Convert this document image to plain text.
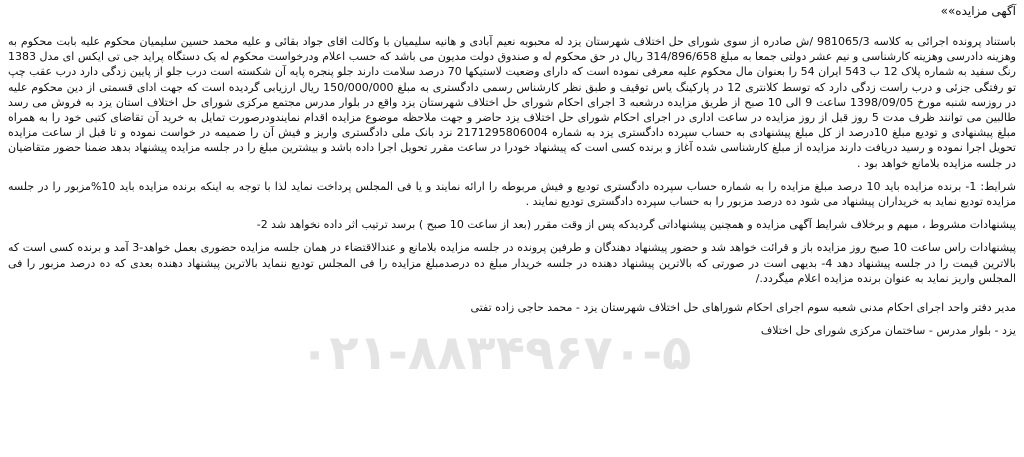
آگهی مزایده»»

باستناد پرونده اجرائی به کلاسه 981065/3 /ش صادره از سوی شورای حل اختلاف شهرستان یزد له محبوبه نعیم آبادی و هانیه سلیمیان با وکالت اقای جواد بقائی و علیه محمد حسین سلیمیان محکوم علیه بابت محکوم به وهزینه دادرسی وهزینه کارشناسی و نیم عشر دولتی جمعا به مبلغ 314/896/658 ریال در حق محکوم له و صندوق دولت مدیون می باشد که حسب اعلام ودرخواست محکوم له یک دستگاه پراید جی تی ایکس ای مدل 1383 رنگ سفید به شماره پلاک 12 ب 543 ایران 54 را بعنوان مال محکوم علیه معرفی نموده است که دارای وضعیت لاستیکها 70 درصد سلامت دارند جلو پنجره پایه آن شکسته است درب جلو از پایین زدگی دارد درب عقب چپ تو رفتگی جزئی و درب راست زدگی دارد که توسط کلانتری 12 در پارکینگ یاس توقیف و طبق نظر کارشناس رسمی دادگستری به مبلغ 150/000/000 ریال ارزیابی گردیده است که جهت ادای قسمتی از دین محکوم علیه در روزسه شنبه مورخ 1398/09/05 ساعت 9 الی 10 صبح از طریق مزایده درشعبه 3 اجرای احکام شورای حل اختلاف شهرستان یزد واقع در بلوار مدرس مجتمع مرکزی شورای حل اختلاف استان یزد به فروش می رسد طالبین می توانند ظرف مدت 5 روز قبل از روز مزایده در ساعت اداری در اجرای احکام شورای حل اختلاف یزد حاضر و جهت ملاحظه موضوع مزایده اقدام نمایندودرصورت تمایل به خرید آن تقاضای کتبی خود را به همراه مبلغ پیشنهادی و تودیع مبلغ 10درصد از کل مبلغ پیشنهادی به حساب سپرده دادگستری یزد به شماره 2171295806004 نزد بانک ملی دادگستری واریز و فیش آن را ضمیمه در خواست نموده و تا قبل از ساعت مزایده تحویل اجرا نموده و رسید دریافت دارند مزایده از مبلغ کارشناسی شده آغاز و برنده کسی است که پیشنهاد خودرا در ساعت مقرر تحویل اجرا داده باشد و بیشترین مبلغ را در جلسه مزایده پیشنهاد بدهد ضمنا حضور متقاضیان در جلسه مزایده بلامانع خواهد بود .

شرایط: 1- برنده مزایده باید 10 درصد مبلغ مزایده را به شماره حساب سپرده دادگستری تودیع و فیش مربوطه را ارائه نمایند و یا فی المجلس پرداخت نماید لذا با توجه به اینکه برنده مزایده باید 10%مزبور را در جلسه مزایده تودیع نماید به خریداران پیشنهاد می شود ده درصد مزبور را به حساب سپرده دادگستری تودیع نمایند .

پیشنهادات مشروط ، مبهم و برخلاف شرایط آگهی مزایده و همچنین پیشنهاداتی گردیدکه پس از وقت مقرر (بعد از ساعت 10 صبح ) برسد ترتیب اثر داده نخواهد شد 2-

پیشنهادات راس ساعت 10 صبح روز مزایده باز و قرائت خواهد شد و حضور پیشنهاد دهندگان و طرفین پرونده در جلسه مزایده بلامانع و عندالاقتضاء در همان جلسه مزایده حضوری بعمل خواهد-3 آمد و برنده کسی است که بالاترین قیمت را در جلسه پیشنهاد دهد 4- بدیهی است در صورتی که بالاترین پیشنهاد دهنده در جلسه خریدار مبلغ ده درصدمبلغ مزایده را فی المجلس تودیع ننماید بالاترین پیشنهاد دهنده بعدی که ده درصد مزبور را فی المجلس واریز نماید به عنوان برنده مزایده اعلام میگردد./

مدیر دفتر واحد اجرای احکام مدنی شعبه سوم اجرای احکام شوراهای حل اختلاف شهرستان یزد - محمد حاجی زاده تفتی

یزد - بلوار مدرس - ساختمان مرکزی شورای حل اختلاف

۰۲۱-۸۸۳۴۹۶۷۰-۵
